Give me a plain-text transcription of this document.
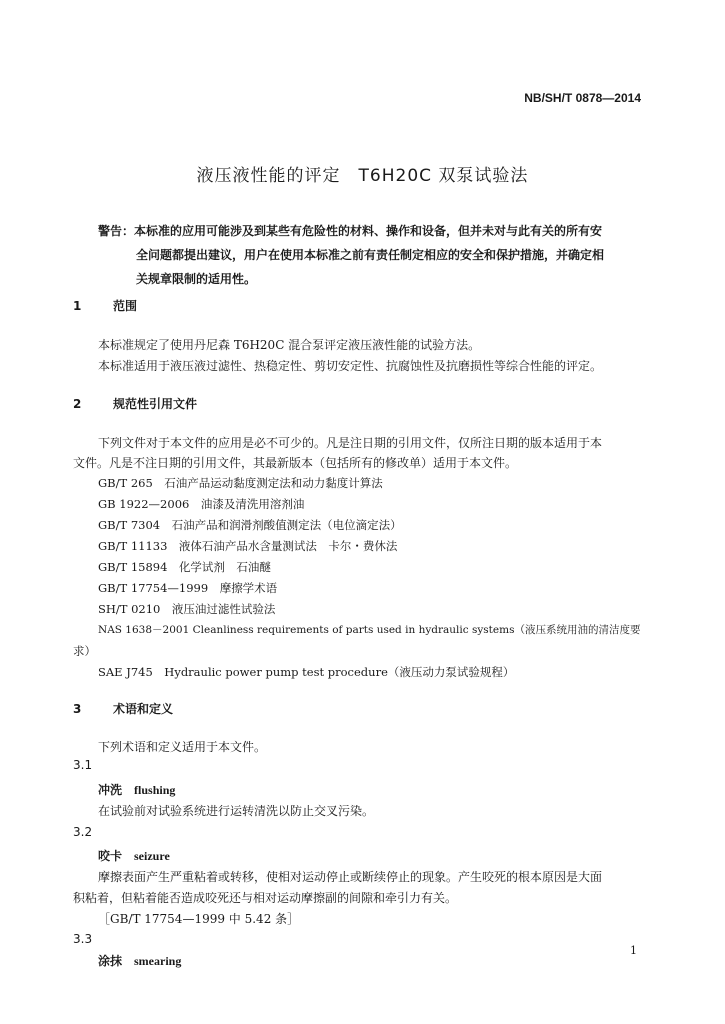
NB/SH/T 0878—2014
液压液性能的评定　T6H20C 双泵试验法
警告：本标准的应用可能涉及到某些有危险性的材料、操作和设备，但并未对与此有关的所有安
全问题都提出建议，用户在使用本标准之前有责任制定相应的安全和保护措施，并确定相
关规章限制的适用性。
1	范围
本标准规定了使用丹尼森 T6H20C 混合泵评定液压液性能的试验方法。
本标准适用于液压液过滤性、热稳定性、剪切安定性、抗腐蚀性及抗磨损性等综合性能的评定。
2	规范性引用文件
下列文件对于本文件的应用是必不可少的。凡是注日期的引用文件，仅所注日期的版本适用于本
文件。凡是不注日期的引用文件，其最新版本（包括所有的修改单）适用于本文件。
GB/T 265　石油产品运动黏度测定法和动力黏度计算法
GB 1922—2006　油漆及清洗用溶剂油
GB/T 7304　石油产品和润滑剂酸值测定法（电位滴定法）
GB/T 11133　液体石油产品水含量测试法　卡尔・费休法
GB/T 15894　化学试剂　石油醚
GB/T 17754—1999　摩擦学术语
SH/T 0210　液压油过滤性试验法
NAS 1638－2001 Cleanliness requirements of parts used in hydraulic systems（液压系统用油的清洁度要
求）
SAE J745　Hydraulic power pump test procedure（液压动力泵试验规程）
3	术语和定义
下列术语和定义适用于本文件。
3.1
冲洗 flushing
在试验前对试验系统进行运转清洗以防止交叉污染。
3.2
咬卡 seizure
摩擦表面产生严重粘着或转移，使相对运动停止或断续停止的现象。产生咬死的根本原因是大面
积粘着，但粘着能否造成咬死还与相对运动摩擦副的间隙和牵引力有关。
［GB/T 17754—1999 中 5.42 条］
3.3
涂抹 smearing
1
